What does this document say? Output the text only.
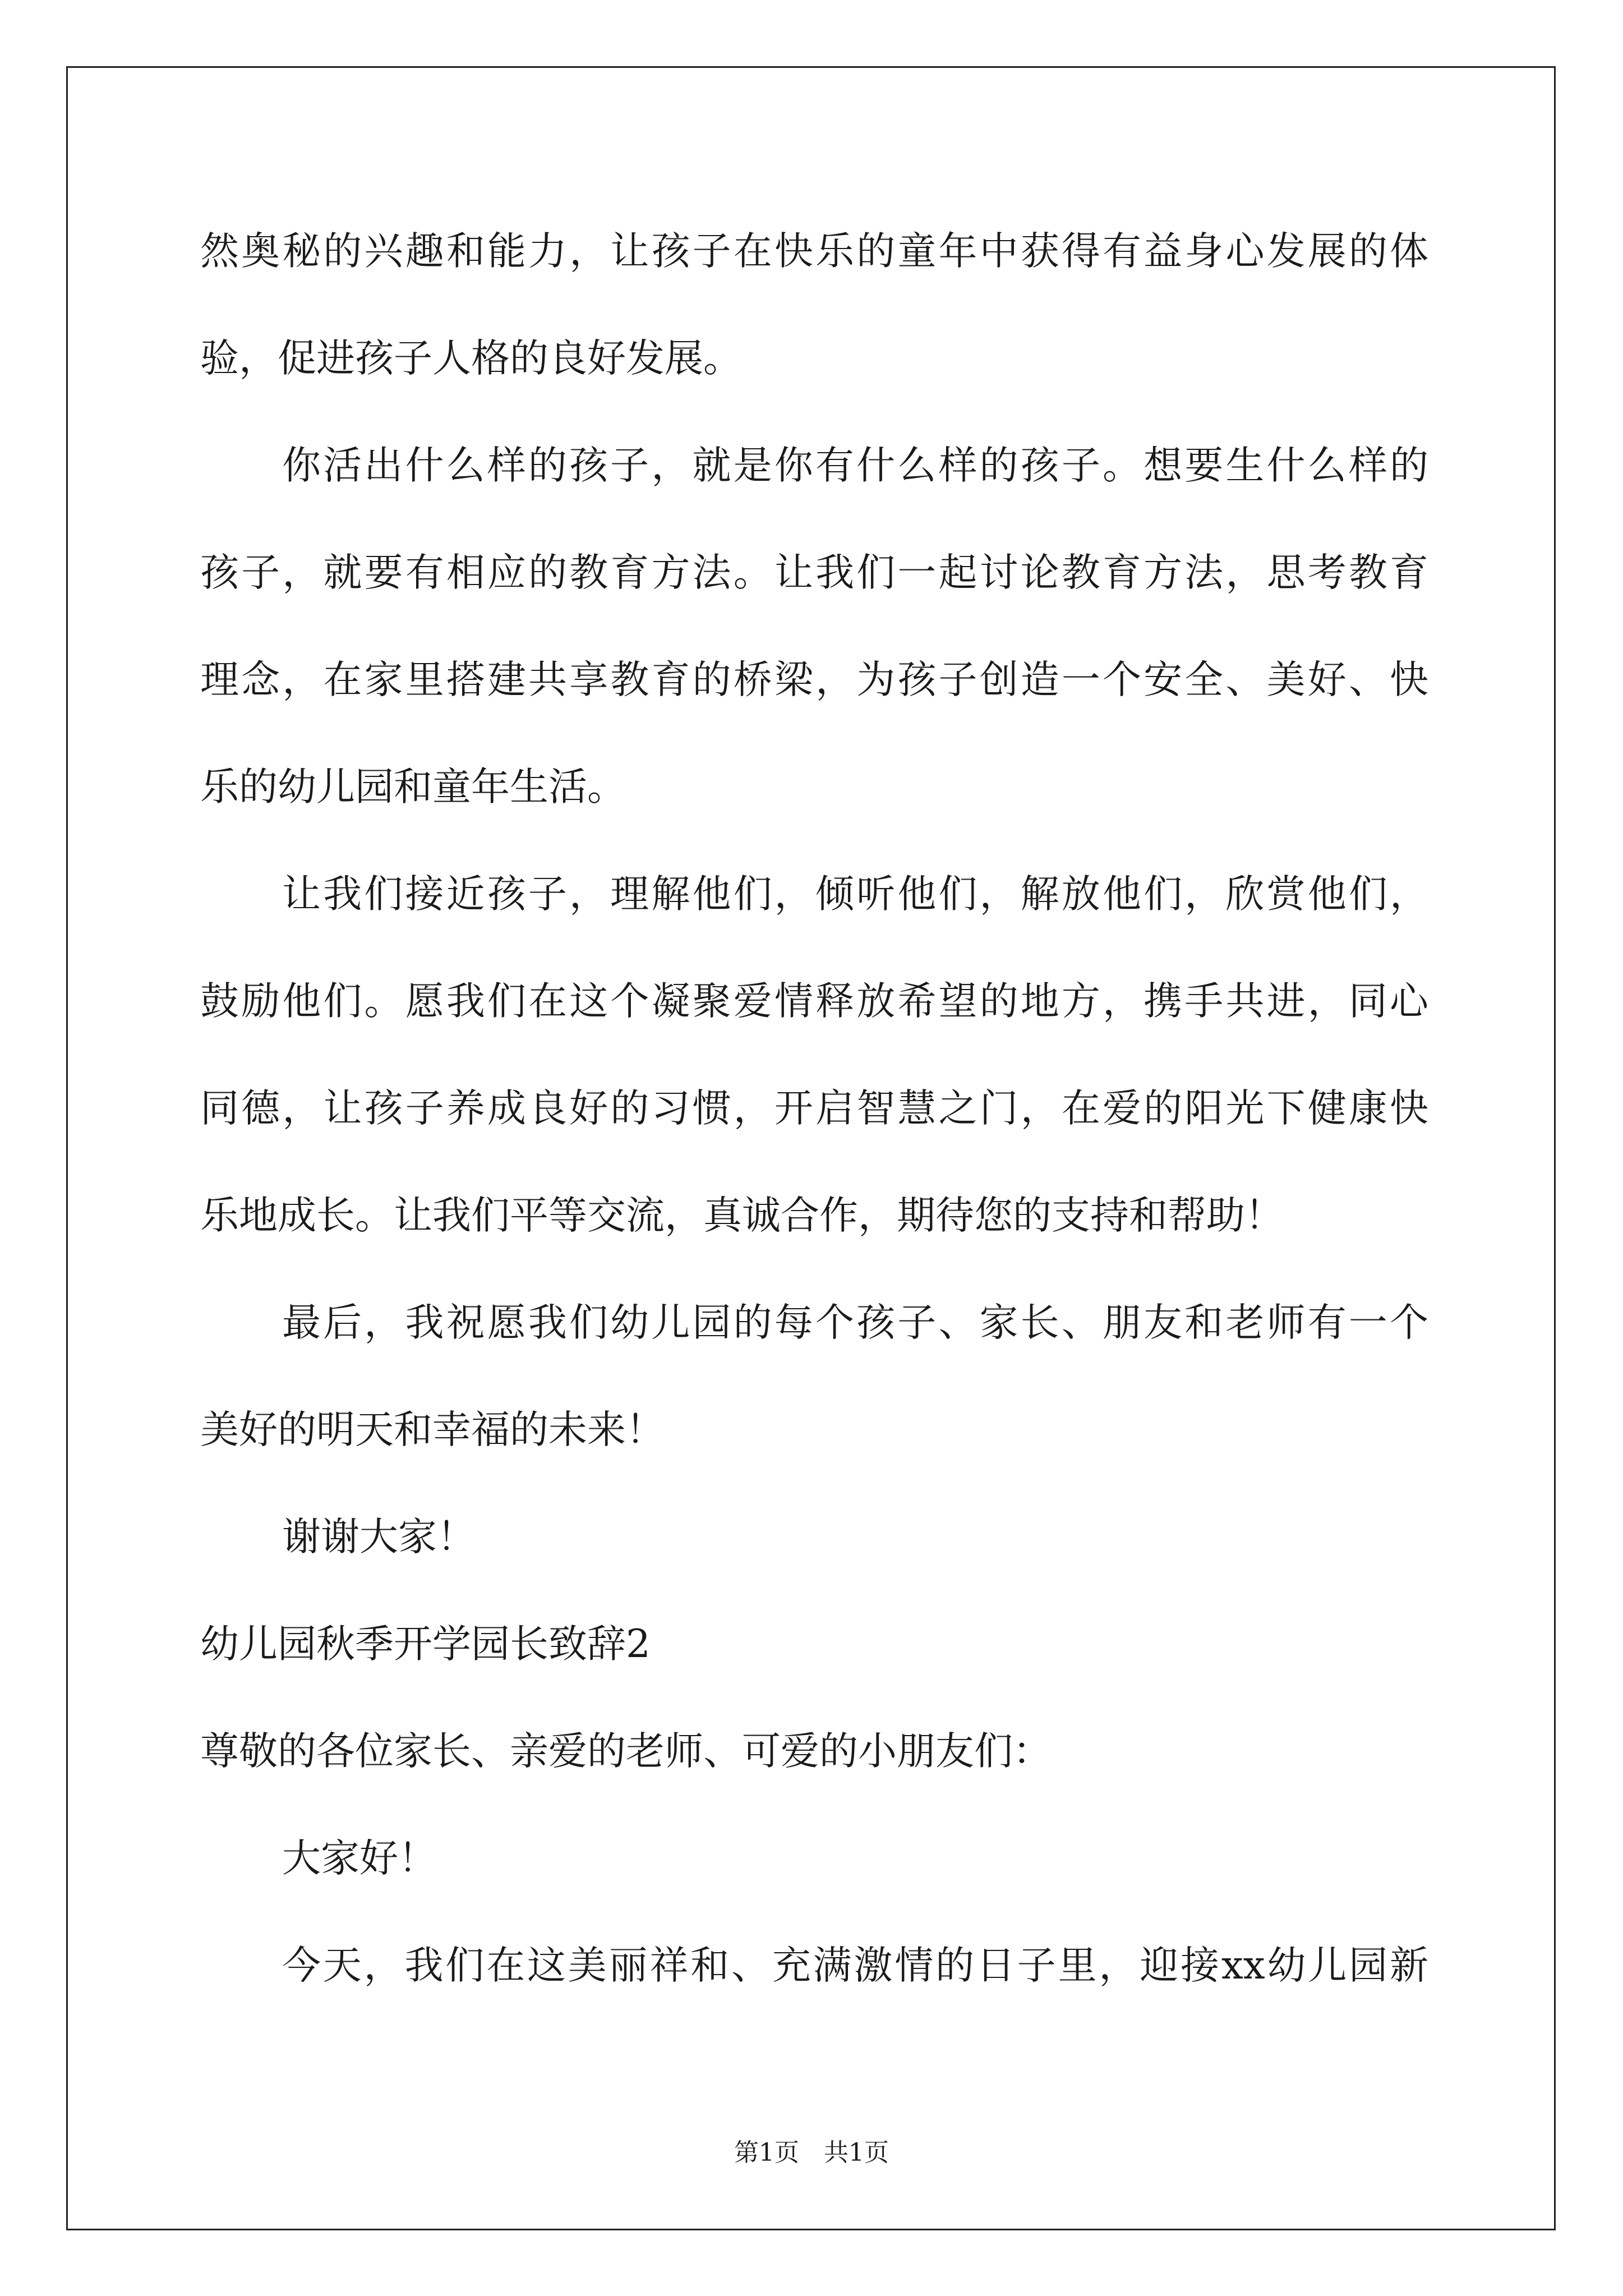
然奥秘的兴趣和能力，让孩子在快乐的童年中获得有益身心发展的体
验，促进孩子人格的良好发展。
你活出什么样的孩子，就是你有什么样的孩子。想要生什么样的
孩子，就要有相应的教育方法。让我们一起讨论教育方法，思考教育
理念，在家里搭建共享教育的桥梁，为孩子创造一个安全、美好、快
乐的幼儿园和童年生活。
让我们接近孩子，理解他们，倾听他们，解放他们，欣赏他们，
鼓励他们。愿我们在这个凝聚爱情释放希望的地方，携手共进，同心
同德，让孩子养成良好的习惯，开启智慧之门，在爱的阳光下健康快
乐地成长。让我们平等交流，真诚合作，期待您的支持和帮助！
最后，我祝愿我们幼儿园的每个孩子、家长、朋友和老师有一个
美好的明天和幸福的未来！
谢谢大家！
幼儿园秋季开学园长致辞2
尊敬的各位家长、亲爱的老师、可爱的小朋友们：
大家好！
今天，我们在这美丽祥和、充满激情的日子里，迎接xx幼儿园新
第1页 共1页
